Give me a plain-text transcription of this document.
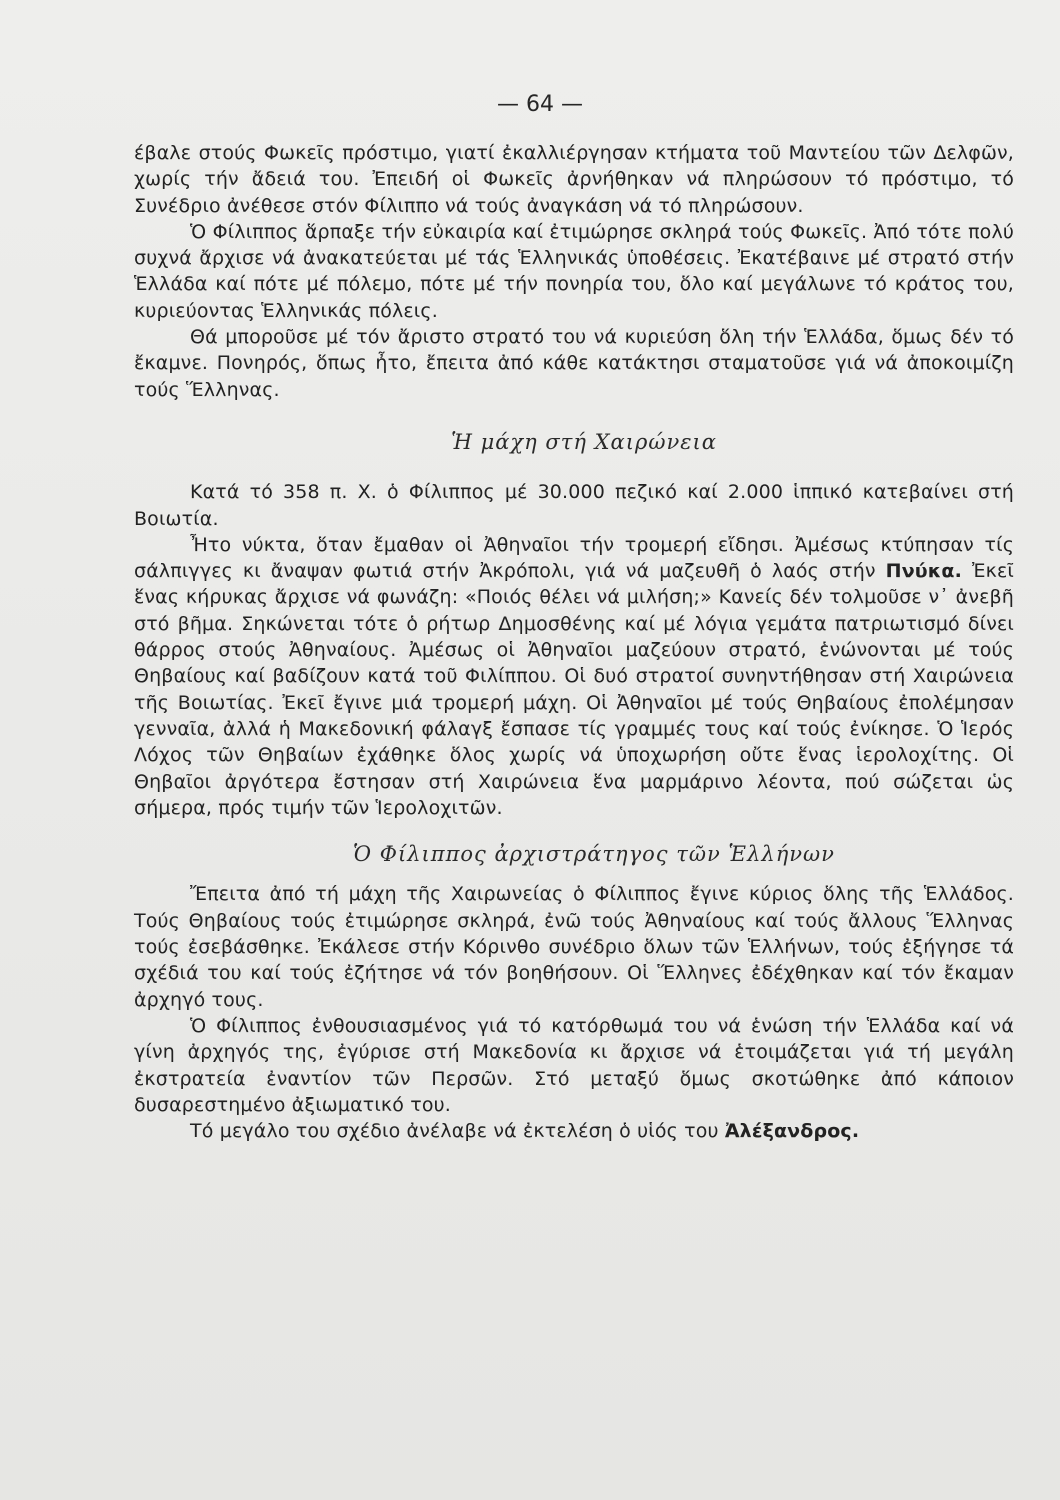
— 64 —

έβαλε στούς Φωκεῖς πρόστιμο, γιατί ἐκαλλιέργησαν κτήματα τοῦ Μαντείου τῶν Δελφῶν, χωρίς τήν ἄδειά του. Ἐπειδή οἱ Φωκεῖς ἀρνήθηκαν νά πληρώσουν τό πρόστιμο, τό Συνέδριο ἀνέθεσε στόν Φίλιππο νά τούς ἀναγκάση νά τό πληρώσουν.

Ὁ Φίλιππος ἅρπαξε τήν εὐκαιρία καί ἐτιμώρησε σκληρά τούς Φωκεῖς. Ἀπό τότε πολύ συχνά ἄρχισε νά ἀνακατεύεται μέ τάς Ἑλληνικάς ὑποθέσεις. Ἐκατέβαινε μέ στρατό στήν Ἑλλάδα καί πότε μέ πόλεμο, πότε μέ τήν πονηρία του, ὅλο καί μεγάλωνε τό κράτος του, κυριεύοντας Ἑλληνικάς πόλεις.

Θά μποροῦσε μέ τόν ἄριστο στρατό του νά κυριεύση ὅλη τήν Ἑλλάδα, ὅμως δέν τό ἔκαμνε. Πονηρός, ὅπως ἦτο, ἔπειτα ἀπό κάθε κατάκτησι σταματοῦσε γιά νά ἀποκοιμίζη τούς Ἕλληνας.

Ἡ μάχη στή Χαιρώνεια

Κατά τό 358 π. Χ. ὁ Φίλιππος μέ 30.000 πεζικό καί 2.000 ἱππικό κατεβαίνει στή Βοιωτία.

Ἦτο νύκτα, ὅταν ἔμαθαν οἱ Ἀθηναῖοι τήν τρομερή εἴδησι. Ἀμέσως κτύπησαν τίς σάλπιγγες κι ἄναψαν φωτιά στήν Ἀκρόπολι, γιά νά μαζευθῆ ὁ λαός στήν Πνύκα. Ἐκεῖ ἕνας κήρυκας ἄρχισε νά φωνάζη: «Ποιός θέλει νά μιλήση;» Κανείς δέν τολμοῦσε ν᾽ ἀνεβῆ στό βῆμα. Σηκώνεται τότε ὁ ρήτωρ Δημοσθένης καί μέ λόγια γεμάτα πατριωτισμό δίνει θάρρος στούς Ἀθηναίους. Ἀμέσως οἱ Ἀθηναῖοι μαζεύουν στρατό, ἑνώνονται μέ τούς Θηβαίους καί βαδίζουν κατά τοῦ Φιλίππου. Οἱ δυό στρατοί συνηντήθησαν στή Χαιρώνεια τῆς Βοιωτίας. Ἐκεῖ ἔγινε μιά τρομερή μάχη. Οἱ Ἀθηναῖοι μέ τούς Θηβαίους ἐπολέμησαν γενναῖα, ἀλλά ἡ Μακεδονική φάλαγξ ἔσπασε τίς γραμμές τους καί τούς ἐνίκησε. Ὁ Ἱερός Λόχος τῶν Θηβαίων ἐχάθηκε ὅλος χωρίς νά ὑποχωρήση οὔτε ἕνας ἱερολοχίτης. Οἱ Θηβαῖοι ἀργότερα ἔστησαν στή Χαιρώνεια ἕνα μαρμάρινο λέοντα, πού σώζεται ὡς σήμερα, πρός τιμήν τῶν Ἱερολοχιτῶν.

Ὁ Φίλιππος ἀρχιστράτηγος τῶν Ἑλλήνων

Ἔπειτα ἀπό τή μάχη τῆς Χαιρωνείας ὁ Φίλιππος ἔγινε κύριος ὅλης τῆς Ἑλλάδος. Τούς Θηβαίους τούς ἐτιμώρησε σκληρά, ἐνῶ τούς Ἀθηναίους καί τούς ἄλλους Ἕλληνας τούς ἐσεβάσθηκε. Ἐκάλεσε στήν Κόρινθο συνέδριο ὅλων τῶν Ἑλλήνων, τούς ἐξήγησε τά σχέδιά του καί τούς ἐζήτησε νά τόν βοηθήσουν. Οἱ Ἕλληνες ἐδέχθηκαν καί τόν ἔκαμαν ἀρχηγό τους.

Ὁ Φίλιππος ἐνθουσιασμένος γιά τό κατόρθωμά του νά ἑνώση τήν Ἑλλάδα καί νά γίνη ἀρχηγός της, ἐγύρισε στή Μακεδονία κι ἄρχισε νά ἑτοιμάζεται γιά τή μεγάλη ἐκστρατεία ἐναντίον τῶν Περσῶν. Στό μεταξύ ὅμως σκοτώθηκε ἀπό κάποιον δυσαρεστημένο ἀξιωματικό του.

Τό μεγάλο του σχέδιο ἀνέλαβε νά ἐκτελέση ὁ υἱός του Ἀλέξανδρος.
